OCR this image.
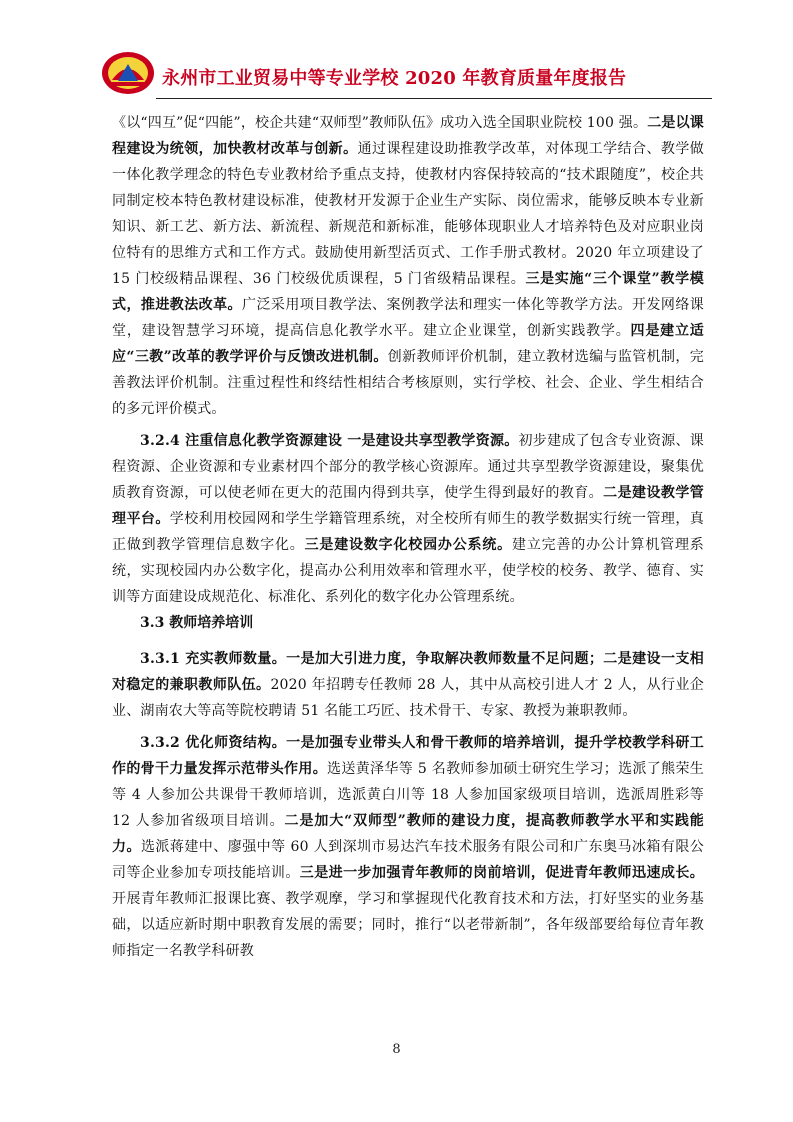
永州市工业贸易中等专业学校 2020 年教育质量年度报告

《以“四互”促“四能”，校企共建“双师型”教师队伍》成功入选全国职业院校 100 强。二是以课程建设为统领，加快教材改革与创新。通过课程建设助推教学改革，对体现工学结合、教学做一体化教学理念的特色专业教材给予重点支持，使教材内容保持较高的“技术跟随度”，校企共同制定校本特色教材建设标准，使教材开发源于企业生产实际、岗位需求，能够反映本专业新知识、新工艺、新方法、新流程、新规范和新标准，能够体现职业人才培养特色及对应职业岗位特有的思维方式和工作方式。鼓励使用新型活页式、工作手册式教材。2020 年立项建设了 15 门校级精品课程、36 门校级优质课程，5 门省级精品课程。三是实施“三个课堂”教学模式，推进教法改革。广泛采用项目教学法、案例教学法和理实一体化等教学方法。开发网络课堂，建设智慧学习环境，提高信息化教学水平。建立企业课堂，创新实践教学。四是建立适应“三教”改革的教学评价与反馈改进机制。创新教师评价机制，建立教材选编与监管机制，完善教法评价机制。注重过程性和终结性相结合考核原则，实行学校、社会、企业、学生相结合的多元评价模式。

3.2.4 注重信息化教学资源建设 一是建设共享型教学资源。初步建成了包含专业资源、课程资源、企业资源和专业素材四个部分的教学核心资源库。通过共享型教学资源建设，聚集优质教育资源，可以使老师在更大的范围内得到共享，使学生得到最好的教育。二是建设教学管理平台。学校利用校园网和学生学籍管理系统，对全校所有师生的教学数据实行统一管理，真正做到教学管理信息数字化。三是建设数字化校园办公系统。建立完善的办公计算机管理系统，实现校园内办公数字化，提高办公利用效率和管理水平，使学校的校务、教学、德育、实训等方面建设成规范化、标准化、系列化的数字化办公管理系统。

3.3 教师培养培训

3.3.1 充实教师数量。一是加大引进力度，争取解决教师数量不足问题；二是建设一支相对稳定的兼职教师队伍。2020 年招聘专任教师 28 人，其中从高校引进人才 2 人，从行业企业、湖南农大等高等院校聘请 51 名能工巧匠、技术骨干、专家、教授为兼职教师。

3.3.2 优化师资结构。一是加强专业带头人和骨干教师的培养培训，提升学校教学科研工作的骨干力量发挥示范带头作用。选送黄泽华等 5 名教师参加硕士研究生学习；选派了熊荣生等 4 人参加公共课骨干教师培训，选派黄白川等 18 人参加国家级项目培训，选派周胜彩等 12 人参加省级项目培训。二是加大“双师型”教师的建设力度，提高教师教学水平和实践能力。选派蒋建中、廖强中等 60 人到深圳市易达汽车技术服务有限公司和广东奥马冰箱有限公司等企业参加专项技能培训。三是进一步加强青年教师的岗前培训，促进青年教师迅速成长。开展青年教师汇报课比赛、教学观摩，学习和掌握现代化教育技术和方法，打好坚实的业务基础，以适应新时期中职教育发展的需要；同时，推行“以老带新制”，各年级部要给每位青年教师指定一名教学科研教

8
